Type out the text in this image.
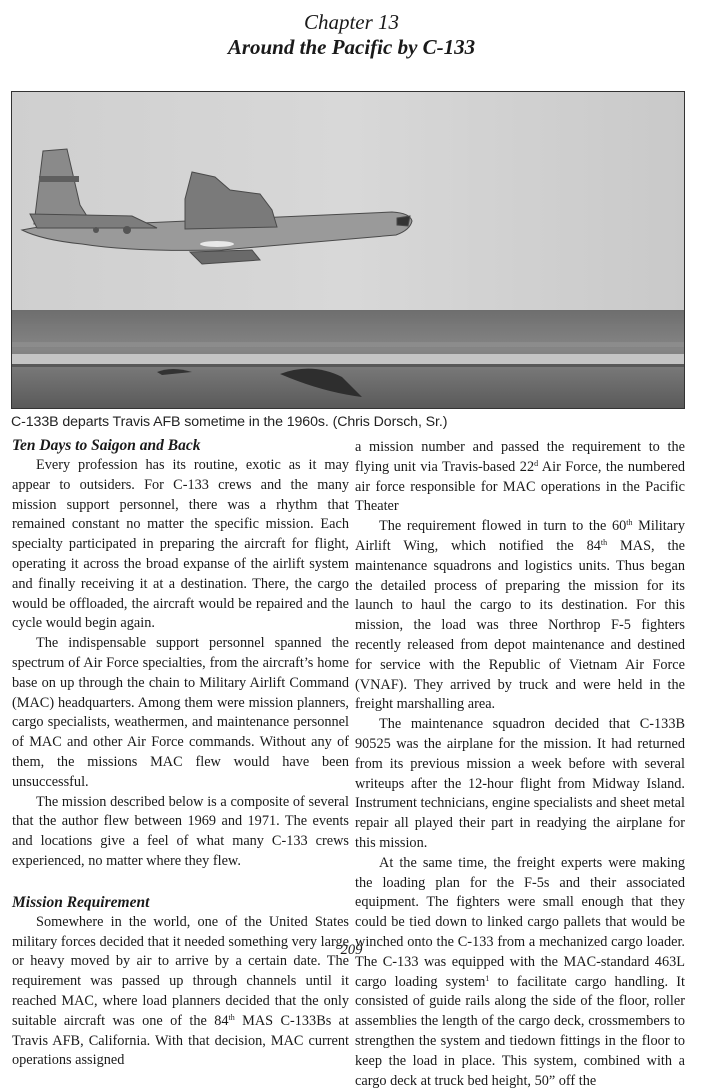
Chapter 13
Around the Pacific by C-133
C-133B departs Travis AFB sometime in the 1960s. (Chris Dorsch, Sr.)
Ten Days to Saigon and Back

Every profession has its routine, exotic as it may appear to outsiders. For C-133 crews and the many mission support personnel, there was a rhythm that remained constant no matter the specific mission. Each specialty participated in preparing the aircraft for flight, operating it across the broad expanse of the airlift system and finally receiving it at a destination. There, the cargo would be offloaded, the aircraft would be repaired and the cycle would begin again.

The indispensable support personnel spanned the spectrum of Air Force specialties, from the aircraft’s home base on up through the chain to Military Airlift Command (MAC) headquarters. Among them were mission planners, cargo specialists, weathermen, and maintenance personnel of MAC and other Air Force commands. Without any of them, the missions MAC flew would have been unsuccessful.

The mission described below is a composite of several that the author flew between 1969 and 1971. The events and locations give a feel of what many C-133 crews experienced, no matter where they flew.

Mission Requirement

Somewhere in the world, one of the United States military forces decided that it needed something very large or heavy moved by air to arrive by a certain date. The requirement was passed up through channels until it reached MAC, where load planners decided that the only suitable aircraft was one of the 84th MAS C-133Bs at Travis AFB, California. With that decision, MAC current operations assigned

a mission number and passed the requirement to the flying unit via Travis-based 22$^d$ Air Force, the numbered air force responsible for MAC operations in the Pacific Theater

The requirement flowed in turn to the 60th Military Airlift Wing, which notified the 84th MAS, the maintenance squadrons and logistics units. Thus began the detailed process of preparing the mission for its launch to haul the cargo to its destination. For this mission, the load was three Northrop F-5 fighters recently released from depot maintenance and destined for service with the Republic of Vietnam Air Force (VNAF). They arrived by truck and were held in the freight marshalling area.

The maintenance squadron decided that C-133B 90525 was the airplane for the mission. It had returned from its previous mission a week before with several writeups after the 12-hour flight from Midway Island. Instrument technicians, engine specialists and sheet metal repair all played their part in readying the airplane for this mission.

At the same time, the freight experts were making the loading plan for the F-5s and their associated equipment. The fighters were small enough that they could be tied down to linked cargo pallets that would be winched onto the C-133 from a mechanized cargo loader. The C-133 was equipped with the MAC-standard 463L cargo loading system$^1$ to facilitate cargo handling. It consisted of guide rails along the side of the floor, roller assemblies the length of the cargo deck, crossmembers to strengthen the system and tiedown fittings in the floor to keep the load in place. This system, combined with a cargo deck at truck bed height, 50” off the

209
